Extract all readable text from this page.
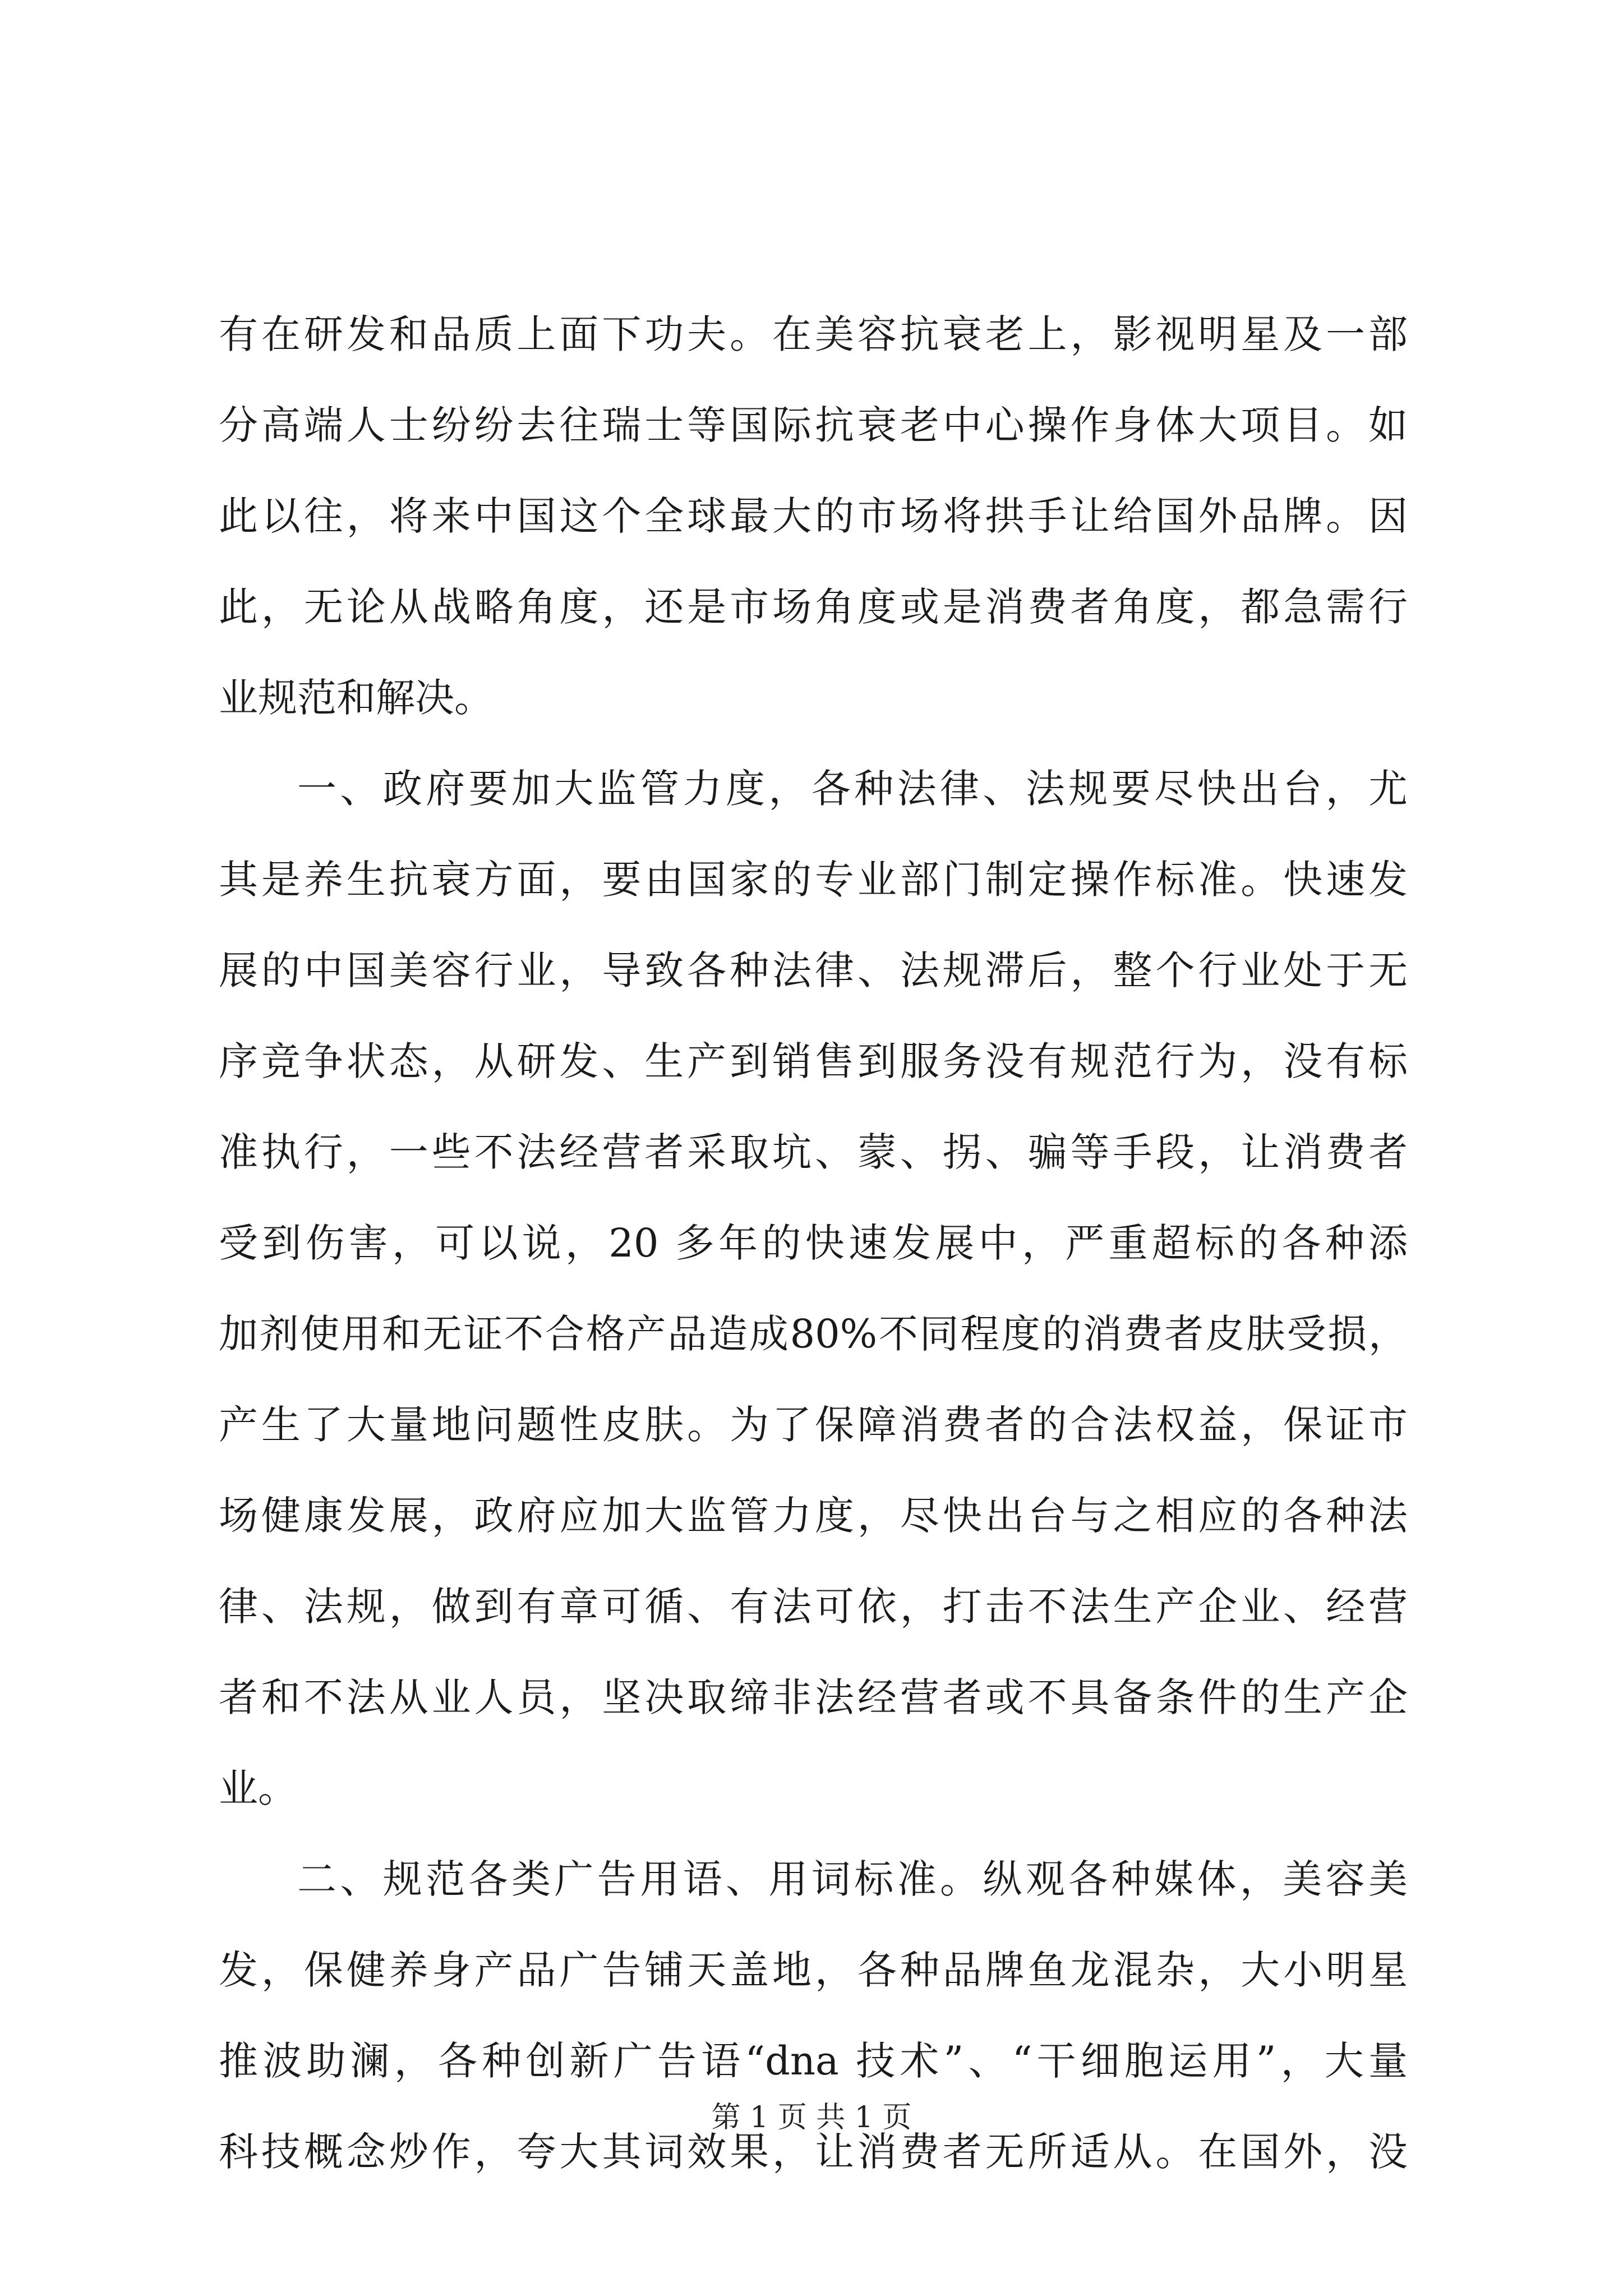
有在研发和品质上面下功夫。在美容抗衰老上，影视明星及一部
分高端人士纷纷去往瑞士等国际抗衰老中心操作身体大项目。如
此以往，将来中国这个全球最大的市场将拱手让给国外品牌。因
此，无论从战略角度，还是市场角度或是消费者角度，都急需行
业规范和解决。
一、政府要加大监管力度，各种法律、法规要尽快出台，尤
其是养生抗衰方面，要由国家的专业部门制定操作标准。快速发
展的中国美容行业，导致各种法律、法规滞后，整个行业处于无
序竞争状态，从研发、生产到销售到服务没有规范行为，没有标
准执行，一些不法经营者采取坑、蒙、拐、骗等手段，让消费者
受到伤害，可以说，20 多年的快速发展中，严重超标的各种添
加剂使用和无证不合格产品造成80%不同程度的消费者皮肤受损，
产生了大量地问题性皮肤。为了保障消费者的合法权益，保证市
场健康发展，政府应加大监管力度，尽快出台与之相应的各种法
律、法规，做到有章可循、有法可依，打击不法生产企业、经营
者和不法从业人员，坚决取缔非法经营者或不具备条件的生产企
业。
二、规范各类广告用语、用词标准。纵观各种媒体，美容美
发，保健养身产品广告铺天盖地，各种品牌鱼龙混杂，大小明星
推波助澜，各种创新广告语“dna 技术”、“干细胞运用”，大量
科技概念炒作，夸大其词效果，让消费者无所适从。在国外，没
第 1 页 共 1 页
